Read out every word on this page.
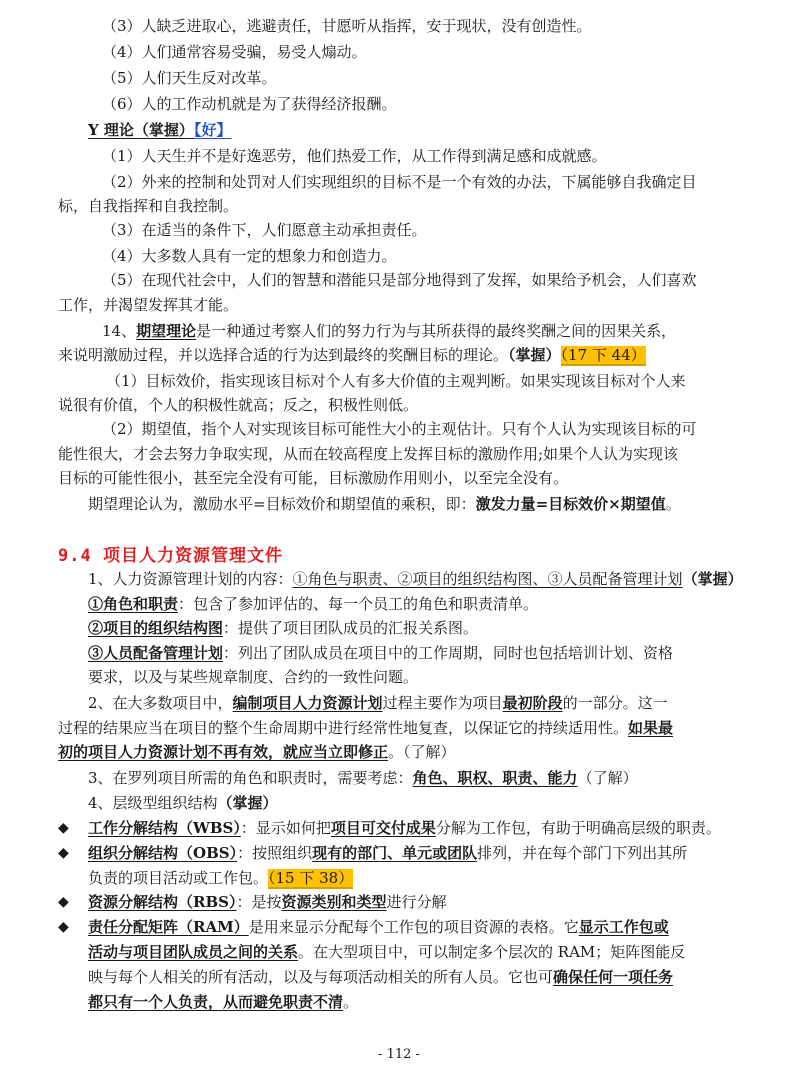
（3）人缺乏进取心，逃避责任，甘愿听从指挥，安于现状，没有创造性。
（4）人们通常容易受骗，易受人煽动。
（5）人们天生反对改革。
（6）人的工作动机就是为了获得经济报酬。
Y 理论（掌握）【好】
（1）人天生并不是好逸恶劳，他们热爱工作，从工作得到满足感和成就感。
（2）外来的控制和处罚对人们实现组织的目标不是一个有效的办法，下属能够自我确定目
标，自我指挥和自我控制。
（3）在适当的条件下，人们愿意主动承担责任。
（4）大多数人具有一定的想象力和创造力。
（5）在现代社会中，人们的智慧和潜能只是部分地得到了发挥，如果给予机会，人们喜欢
工作，并渴望发挥其才能。
14、期望理论是一种通过考察人们的努力行为与其所获得的最终奖酬之间的因果关系，
来说明激励过程，并以选择合适的行为达到最终的奖酬目标的理论。（掌握）（17 下 44）
（1）目标效价，指实现该目标对个人有多大价值的主观判断。如果实现该目标对个人来
说很有价值，个人的积极性就高；反之，积极性则低。
（2）期望值，指个人对实现该目标可能性大小的主观估计。只有个人认为实现该目标的可
能性很大，才会去努力争取实现，从而在较高程度上发挥目标的激励作用;如果个人认为实现该
目标的可能性很小，甚至完全没有可能，目标激励作用则小，以至完全没有。
期望理论认为，激励水平=目标效价和期望值的乘积，即：激发力量=目标效价×期望值。
9.4 项目人力资源管理文件
1、人力资源管理计划的内容：①角色与职责、②项目的组织结构图、③人员配备管理计划（掌握）
①角色和职责：包含了参加评估的、每一个员工的角色和职责清单。
②项目的组织结构图：提供了项目团队成员的汇报关系图。
③人员配备管理计划：列出了团队成员在项目中的工作周期，同时也包括培训计划、资格
要求，以及与某些规章制度、合约的一致性问题。
2、在大多数项目中，编制项目人力资源计划过程主要作为项目最初阶段的一部分。这一
过程的结果应当在项目的整个生命周期中进行经常性地复查，以保证它的持续适用性。如果最
初的项目人力资源计划不再有效，就应当立即修正。（了解）
3、在罗列项目所需的角色和职责时，需要考虑：角色、职权、职责、能力（了解）
4、层级型组织结构（掌握）
◆ 工作分解结构（WBS）：显示如何把项目可交付成果分解为工作包，有助于明确高层级的职责。
◆ 组织分解结构（OBS）：按照组织现有的部门、单元或团队排列，并在每个部门下列出其所
负责的项目活动或工作包。（15 下 38）
◆ 资源分解结构（RBS）：是按资源类别和类型进行分解
◆ 责任分配矩阵（RAM）是用来显示分配每个工作包的项目资源的表格。它显示工作包或
活动与项目团队成员之间的关系。在大型项目中，可以制定多个层次的 RAM；矩阵图能反
映与每个人相关的所有活动，以及与每项活动相关的所有人员。它也可确保任何一项任务
都只有一个人负责，从而避免职责不清。
- 112 -
